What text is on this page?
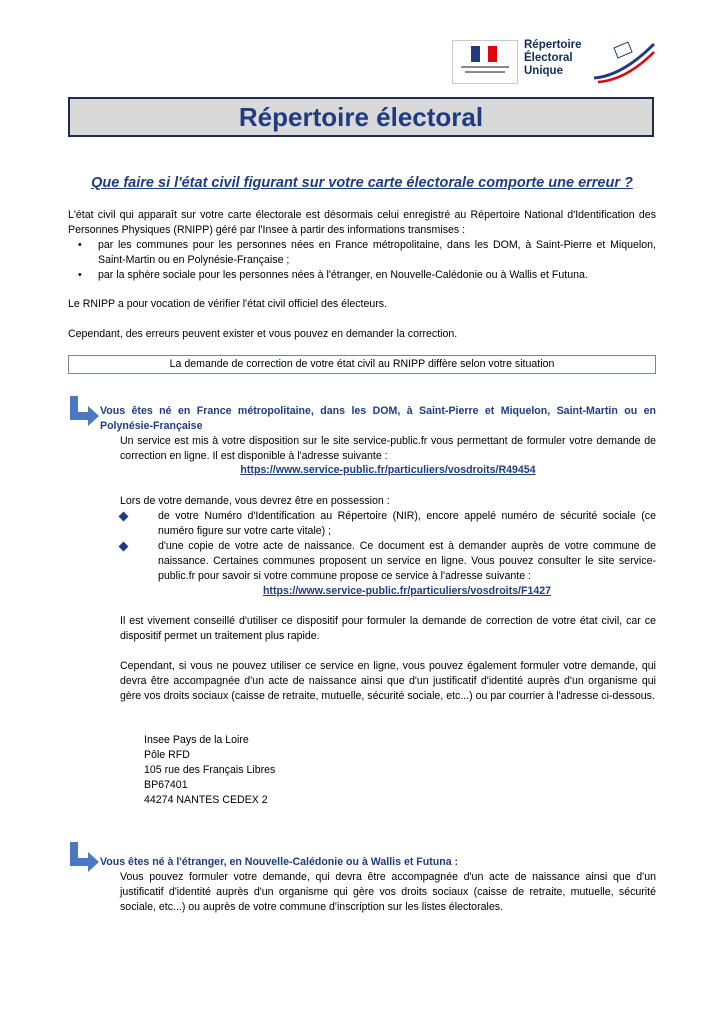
Répertoire
Électoral
Unique
Répertoire électoral
Que faire si l'état civil figurant sur votre carte électorale comporte une erreur ?

L'état civil qui apparaît sur votre carte électorale est désormais celui enregistré au Répertoire National d'Identification des Personnes Physiques (RNIPP) géré par l'Insee à partir des informations transmises :

• par les communes pour les personnes nées en France métropolitaine, dans les DOM, à Saint-Pierre et Miquelon, Saint-Martin ou en Polynésie-Française ;
• par la sphère sociale pour les personnes nées à l'étranger, en Nouvelle-Calédonie ou à Wallis et Futuna.
Le RNIPP a pour vocation de vérifier l'état civil officiel des électeurs.
Cependant, des erreurs peuvent exister et vous pouvez en demander la correction.
La demande de correction de votre état civil au RNIPP diffère selon votre situation
Vous êtes né en France métropolitaine, dans les DOM, à Saint-Pierre et Miquelon, Saint-Martin ou en Polynésie-Française
Un service est mis à votre disposition sur le site service-public.fr vous permettant de formuler votre demande de correction en ligne. Il est disponible à l'adresse suivante :
https://www.service-public.fr/particuliers/vosdroits/R49454
Lors de votre demande, vous devrez être en possession :

de votre Numéro d'Identification au Répertoire (NIR), encore appelé numéro de sécurité sociale (ce numéro figure sur votre carte vitale) ;

d'une copie de votre acte de naissance. Ce document est à demander auprès de votre commune de naissance. Certaines communes proposent un service en ligne. Vous pouvez consulter le site service-public.fr pour savoir si votre commune propose ce service à l'adresse suivante :

https://www.service-public.fr/particuliers/vosdroits/F1427
Il est vivement conseillé d'utiliser ce dispositif pour formuler la demande de correction de votre état civil, car ce dispositif permet un traitement plus rapide.
Cependant, si vous ne pouvez utiliser ce service en ligne, vous pouvez également formuler votre demande, qui devra être accompagnée d'un acte de naissance ainsi que d'un justificatif d'identité auprès d'un organisme qui gère vos droits sociaux (caisse de retraite, mutuelle, sécurité sociale, etc...) ou par courrier à l'adresse ci-dessous.
Insee Pays de la Loire
Pôle RFD
105 rue des Français Libres
BP67401
44274 NANTES CEDEX 2
Vous êtes né à l'étranger, en Nouvelle-Calédonie ou à Wallis et Futuna :
Vous pouvez formuler votre demande, qui devra être accompagnée d'un acte de naissance ainsi que d'un justificatif d'identité auprès d'un organisme qui gère vos droits sociaux (caisse de retraite, mutuelle, sécurité sociale, etc...) ou auprès de votre commune d'inscription sur les listes électorales.
